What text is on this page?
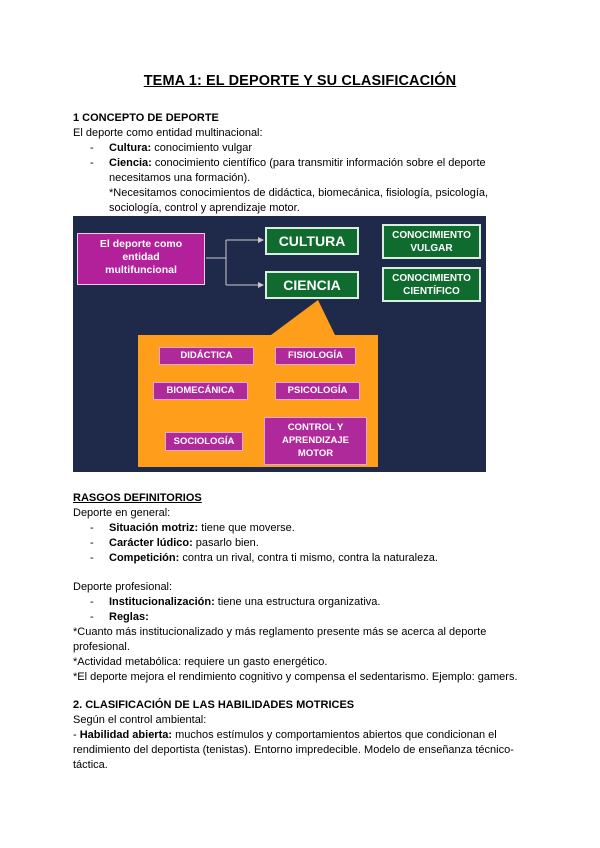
TEMA 1: EL DEPORTE Y SU CLASIFICACIÓN
1 CONCEPTO DE DEPORTE
El deporte como entidad multinacional:
- Cultura: conocimiento vulgar
- Ciencia: conocimiento científico (para transmitir información sobre el deporte necesitamos una formación).
*Necesitamos conocimientos de didáctica, biomecánica, fisiología, psicología, sociología, control y aprendizaje motor.
El deporte como entidad multifuncional
CULTURA
CIENCIA
CONOCIMIENTO VULGAR
CONOCIMIENTO CIENTÍFICO
DIDÁCTICA	FISIOLOGÍA
BIOMECÁNICA	PSICOLOGÍA
SOCIOLOGÍA
CONTROL Y APRENDIZAJE MOTOR
RASGOS DEFINITORIOS
Deporte en general:
- Situación motriz: tiene que moverse.
- Carácter lúdico: pasarlo bien.
- Competición: contra un rival, contra ti mismo, contra la naturaleza.
Deporte profesional:
- Institucionalización: tiene una estructura organizativa.
- Reglas:
*Cuanto más institucionalizado y más reglamento presente más se acerca al deporte profesional.
*Actividad metabólica: requiere un gasto energético.
*El deporte mejora el rendimiento cognitivo y compensa el sedentarismo. Ejemplo: gamers.
2. CLASIFICACIÓN DE LAS HABILIDADES MOTRICES
Según el control ambiental:
- Habilidad abierta: muchos estímulos y comportamientos abiertos que condicionan el rendimiento del deportista (tenistas). Entorno impredecible. Modelo de enseñanza técnico-táctica.
